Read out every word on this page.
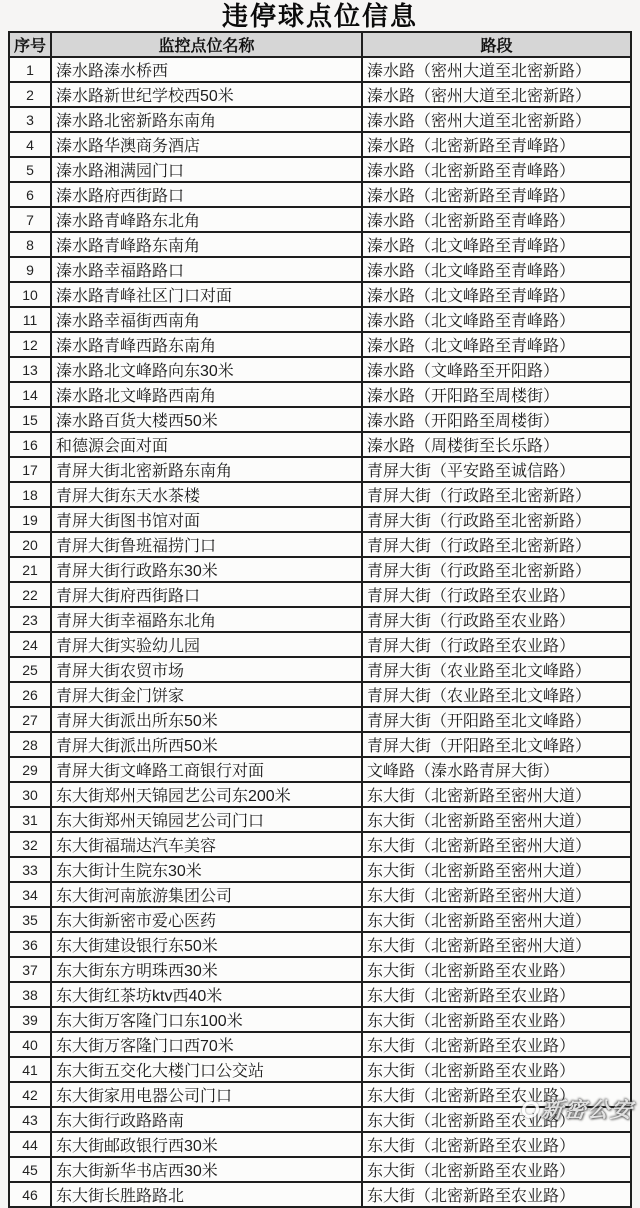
违停球点位信息
序号	监控点位名称	路段
1	溱水路溱水桥西	溱水路（密州大道至北密新路）
2	溱水路新世纪学校西50米	溱水路（密州大道至北密新路）
3	溱水路北密新路东南角	溱水路（密州大道至北密新路）
4	溱水路华澳商务酒店	溱水路（北密新路至青峰路）
5	溱水路湘满园门口	溱水路（北密新路至青峰路）
6	溱水路府西街路口	溱水路（北密新路至青峰路）
7	溱水路青峰路东北角	溱水路（北密新路至青峰路）
8	溱水路青峰路东南角	溱水路（北文峰路至青峰路）
9	溱水路幸福路路口	溱水路（北文峰路至青峰路）
10	溱水路青峰社区门口对面	溱水路（北文峰路至青峰路）
11	溱水路幸福街西南角	溱水路（北文峰路至青峰路）
12	溱水路青峰西路东南角	溱水路（北文峰路至青峰路）
13	溱水路北文峰路向东30米	溱水路（文峰路至开阳路）
14	溱水路北文峰路西南角	溱水路（开阳路至周楼街）
15	溱水路百货大楼西50米	溱水路（开阳路至周楼街）
16	和德源会面对面	溱水路（周楼街至长乐路）
17	青屏大街北密新路东南角	青屏大街（平安路至诚信路）
18	青屏大街东天水茶楼	青屏大街（行政路至北密新路）
19	青屏大街图书馆对面	青屏大街（行政路至北密新路）
20	青屏大街鲁班福捞门口	青屏大街（行政路至北密新路）
21	青屏大街行政路东30米	青屏大街（行政路至北密新路）
22	青屏大街府西街路口	青屏大街（行政路至农业路）
23	青屏大街幸福路东北角	青屏大街（行政路至农业路）
24	青屏大街实验幼儿园	青屏大街（行政路至农业路）
25	青屏大街农贸市场	青屏大街（农业路至北文峰路）
26	青屏大街金门饼家	青屏大街（农业路至北文峰路）
27	青屏大街派出所东50米	青屏大街（开阳路至北文峰路）
28	青屏大街派出所西50米	青屏大街（开阳路至北文峰路）
29	青屏大街文峰路工商银行对面	文峰路（溱水路青屏大街）
30	东大街郑州天锦园艺公司东200米	东大街（北密新路至密州大道）
31	东大街郑州天锦园艺公司门口	东大街（北密新路至密州大道）
32	东大街福瑞达汽车美容	东大街（北密新路至密州大道）
33	东大街计生院东30米	东大街（北密新路至密州大道）
34	东大街河南旅游集团公司	东大街（北密新路至密州大道）
35	东大街新密市爱心医药	东大街（北密新路至密州大道）
36	东大街建设银行东50米	东大街（北密新路至密州大道）
37	东大街东方明珠西30米	东大街（北密新路至农业路）
38	东大街红茶坊ktv西40米	东大街（北密新路至农业路）
39	东大街万客隆门口东100米	东大街（北密新路至农业路）
40	东大街万客隆门口西70米	东大街（北密新路至农业路）
41	东大街五交化大楼门口公交站	东大街（北密新路至农业路）
42	东大街家用电器公司门口	东大街（北密新路至农业路）
43	东大街行政路路南	东大街（北密新路至农业路）
44	东大街邮政银行西30米	东大街（北密新路至农业路）
45	东大街新华书店西30米	东大街（北密新路至农业路）
46	东大街长胜路路北	东大街（北密新路至农业路）
新密公安
